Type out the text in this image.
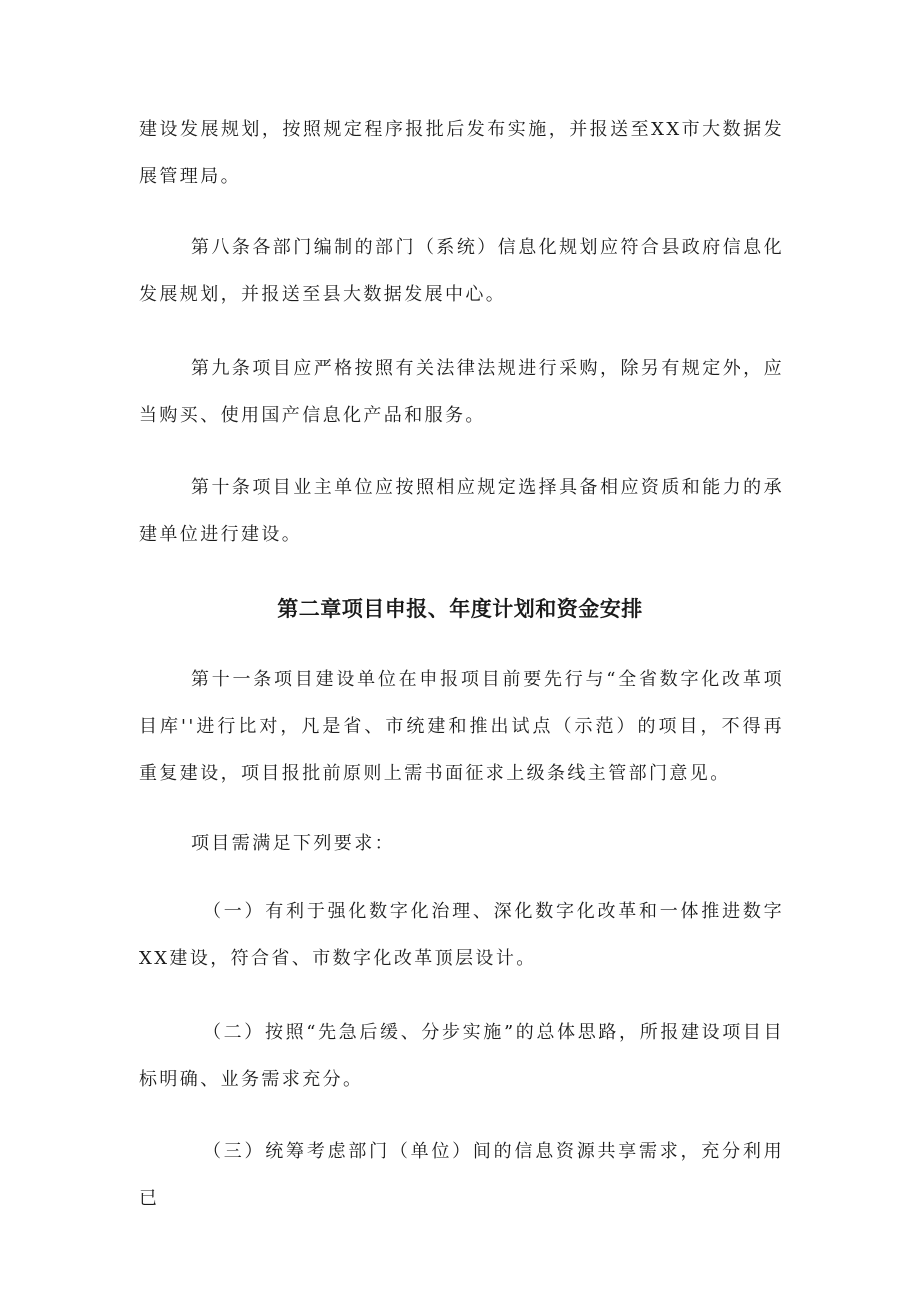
建设发展规划，按照规定程序报批后发布实施，并报送至XX市大数据发展管理局。

第八条各部门编制的部门（系统）信息化规划应符合县政府信息化发展规划，并报送至县大数据发展中心。

第九条项目应严格按照有关法律法规进行采购，除另有规定外，应当购买、使用国产信息化产品和服务。

第十条项目业主单位应按照相应规定选择具备相应资质和能力的承建单位进行建设。

第二章项目申报、年度计划和资金安排

第十一条项目建设单位在申报项目前要先行与“全省数字化改革项目库''进行比对，凡是省、市统建和推出试点（示范）的项目，不得再重复建设，项目报批前原则上需书面征求上级条线主管部门意见。

项目需满足下列要求：

（一）有利于强化数字化治理、深化数字化改革和一体推进数字XX建设，符合省、市数字化改革顶层设计。

（二）按照“先急后缓、分步实施”的总体思路，所报建设项目目标明确、业务需求充分。

（三）统筹考虑部门（单位）间的信息资源共享需求，充分利用已
